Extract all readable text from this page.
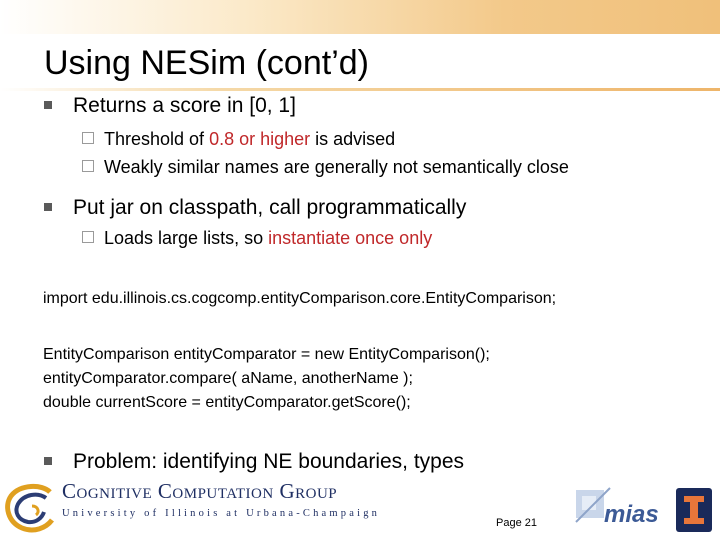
Using NESim (cont’d)
Returns a score in [0, 1]
Threshold of 0.8 or higher is advised
Weakly similar names are generally not semantically close
Put jar on classpath, call programmatically
Loads large lists, so instantiate once only
import edu.illinois.cs.cogcomp.entityComparison.core.EntityComparison;
EntityComparison entityComparator = new EntityComparison();
entityComparator.compare( aName, anotherName );
double currentScore = entityComparator.getScore();
Problem: identifying NE boundaries, types
Cognitive Computation Group
University of Illinois at Urbana-Champaign
Page 21	mias
